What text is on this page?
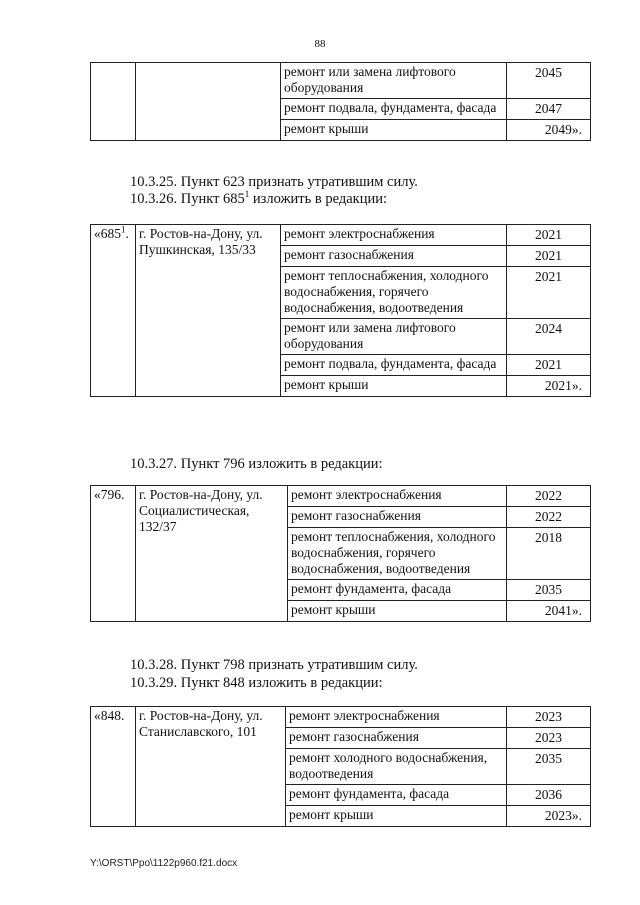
88
		ремонт или замена лифтового оборудования	2045
		ремонт подвала, фундамента, фасада	2047
		ремонт крыши	2049».
10.3.25. Пункт 623 признать утратившим силу.
10.3.26. Пункт $685^1$ изложить в редакции:
«$685^1$.	г. Ростов-на-Дону, ул. Пушкинская, 135/33	ремонт электроснабжения	2021
		ремонт газоснабжения	2021
		ремонт теплоснабжения, холодного водоснабжения, горячего водоснабжения, водоотведения	2021
		ремонт или замена лифтового оборудования	2024
		ремонт подвала, фундамента, фасада	2021
		ремонт крыши	2021».
10.3.27. Пункт 796 изложить в редакции:
«796.	г. Ростов-на-Дону, ул. Социалистическая, 132/37	ремонт электроснабжения	2022
		ремонт газоснабжения	2022
		ремонт теплоснабжения, холодного водоснабжения, горячего водоснабжения, водоотведения	2018
		ремонт фундамента, фасада	2035
		ремонт крыши	2041».
10.3.28. Пункт 798 признать утратившим силу.
10.3.29. Пункт 848 изложить в редакции:
«848.	г. Ростов-на-Дону, ул. Станиславского, 101	ремонт электроснабжения	2023
		ремонт газоснабжения	2023
		ремонт холодного водоснабжения, водоотведения	2035
		ремонт фундамента, фасада	2036
		ремонт крыши	2023».
Y:\ORST\Ppo\1122p960.f21.docx
